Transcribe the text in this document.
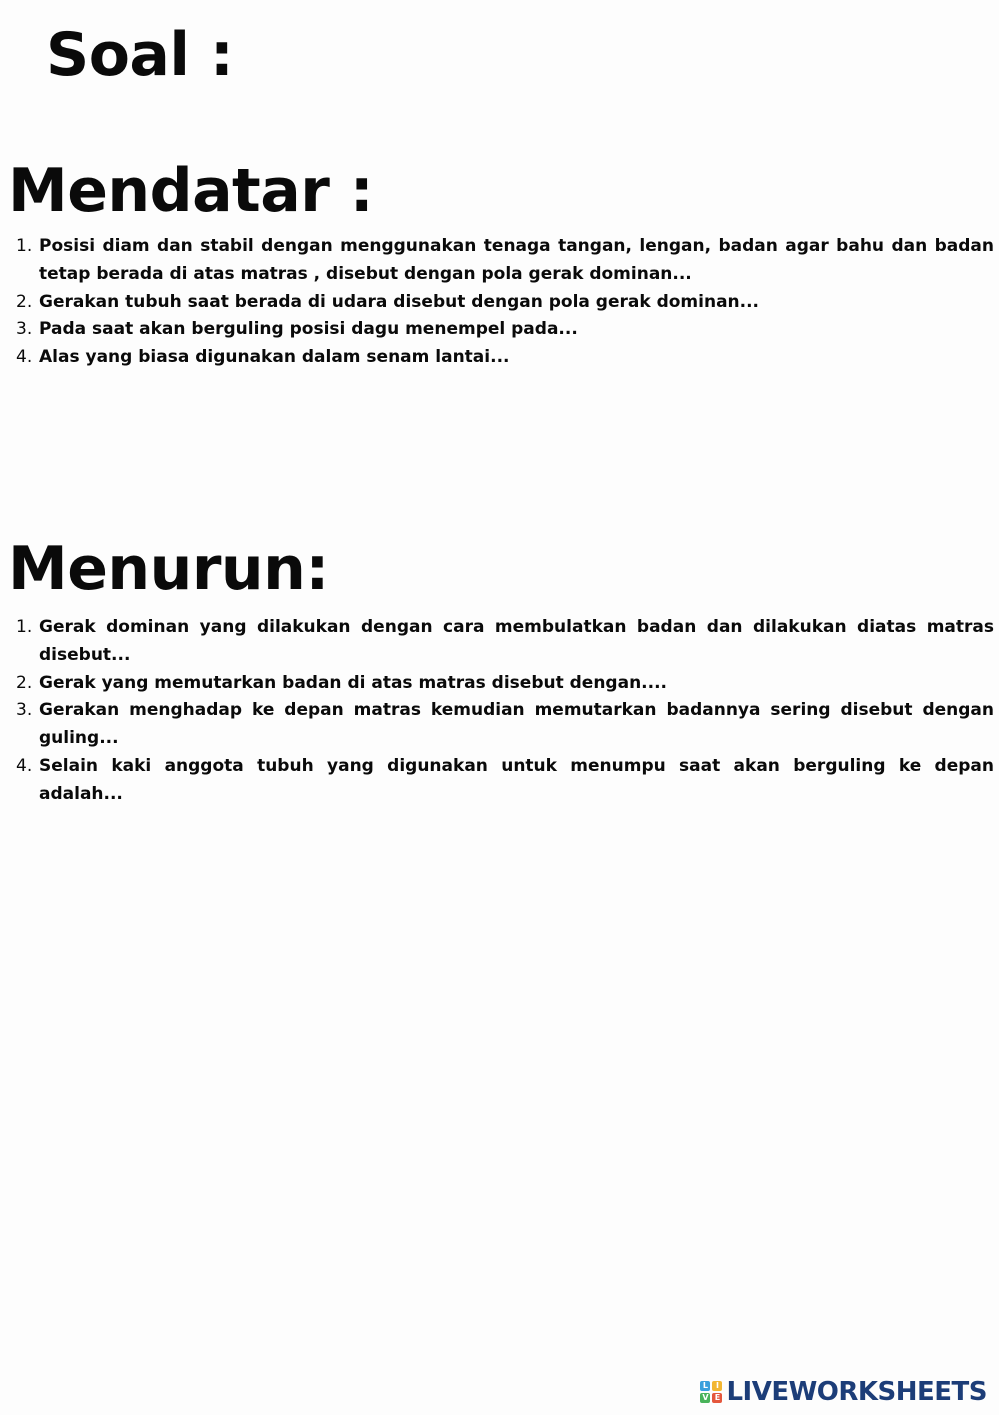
Soal :
Mendatar :
1. Posisi diam dan stabil dengan menggunakan tenaga tangan, lengan, badan agar bahu dan badan tetap berada di atas matras , disebut dengan pola gerak dominan...
2. Gerakan tubuh saat berada di udara disebut dengan pola gerak dominan...
3. Pada saat akan berguling posisi dagu menempel pada...
4. Alas yang biasa digunakan dalam senam lantai...
Menurun:
1. Gerak dominan yang dilakukan dengan cara membulatkan badan dan dilakukan diatas matras disebut...
2. Gerak yang memutarkan badan di atas matras disebut dengan....
3. Gerakan menghadap ke depan matras kemudian memutarkan badannya sering disebut dengan guling...
4. Selain kaki anggota tubuh yang digunakan untuk menumpu saat akan berguling ke depan adalah...
L I
V E LIVEWORKSHEETS
